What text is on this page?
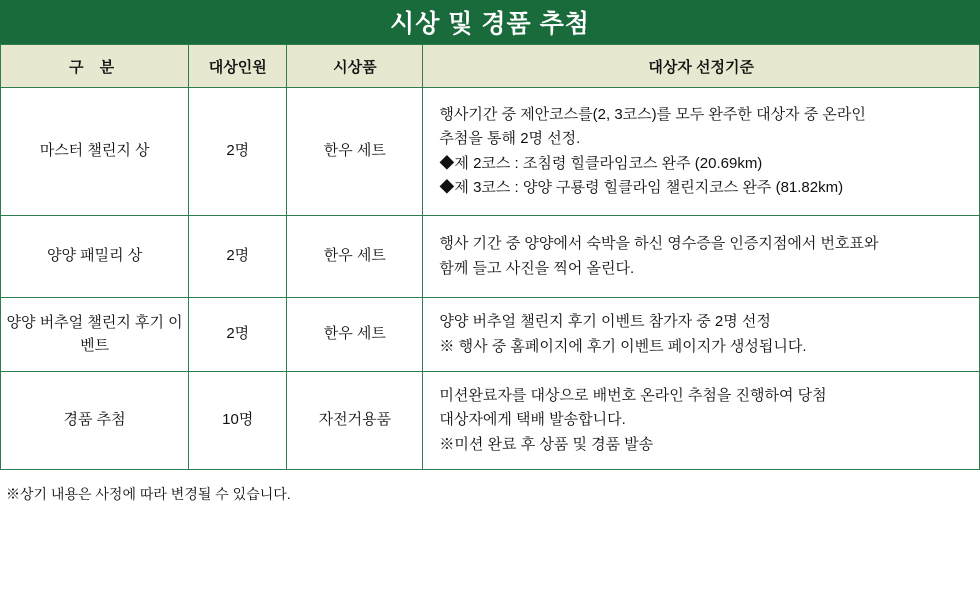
시상 및 경품 추첨
구 분	대상인원	시상품	대상자 선정기준
마스터 챌린지 상	2명	한우 세트	행사기간 중 제안코스를(2, 3코스)를 모두 완주한 대상자 중 온라인
추첨을 통해 2명 선정.
◆제 2코스 : 조침령 힐클라임코스 완주 (20.69km)
◆제 3코스 : 양양 구룡령 힐클라임 챌린지코스 완주 (81.82km)

양양 패밀리 상	2명	한우 세트	행사 기간 중 양양에서 숙박을 하신 영수증을 인증지점에서 번호표와
함께 들고 사진을 찍어 올린다.

양양 버추얼 챌린지 후기 이벤트	2명	한우 세트	양양 버추얼 챌린지 후기 이벤트 참가자 중 2명 선정
※ 행사 중 홈페이지에 후기 이벤트 페이지가 생성됩니다.

경품 추첨	10명	자전거용품	미션완료자를 대상으로 배번호 온라인 추첨을 진행하여 당첨
대상자에게 택배 발송합니다.
※미션 완료 후 상품 및 경품 발송
※상기 내용은 사정에 따라 변경될 수 있습니다.
